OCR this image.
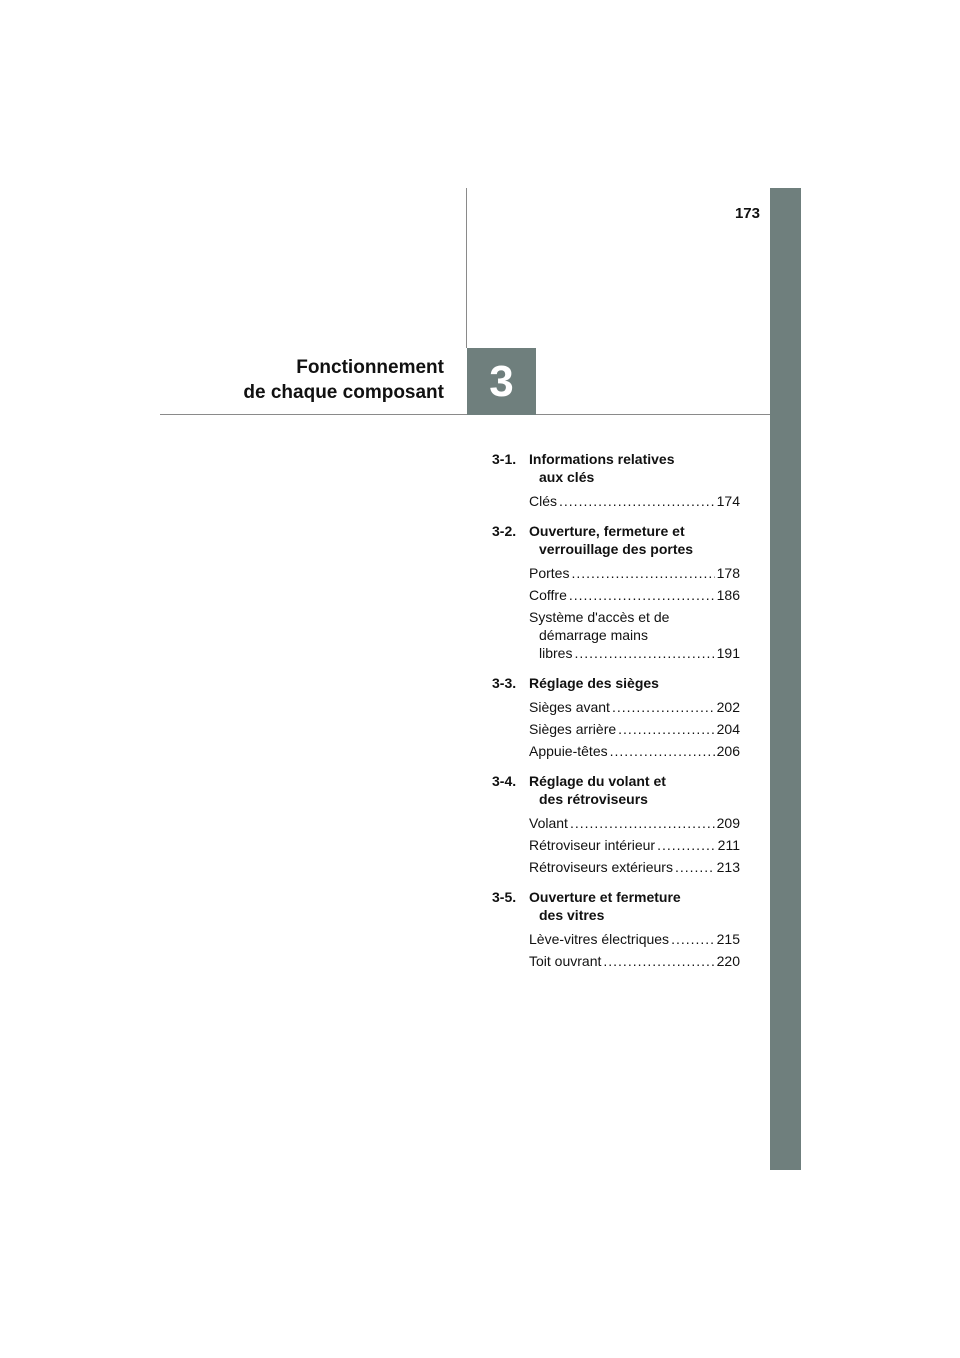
173
3
Fonctionnement
de chaque composant
3-1. Informations relatives
aux clés
Clés .....	174
3-2. Ouverture, fermeture et
verrouillage des portes
Portes .....	178
Coffre .....	186
Système d'accès et de
démarrage mains
libres .....	191
3-3. Réglage des sièges
Sièges avant .....	202
Sièges arrière .....	204
Appuie-têtes .....	206
3-4. Réglage du volant et
des rétroviseurs
Volant .....	209
Rétroviseur intérieur .....	211
Rétroviseurs extérieurs .....	213
3-5. Ouverture et fermeture
des vitres
Lève-vitres électriques .....	215
Toit ouvrant .....	220
